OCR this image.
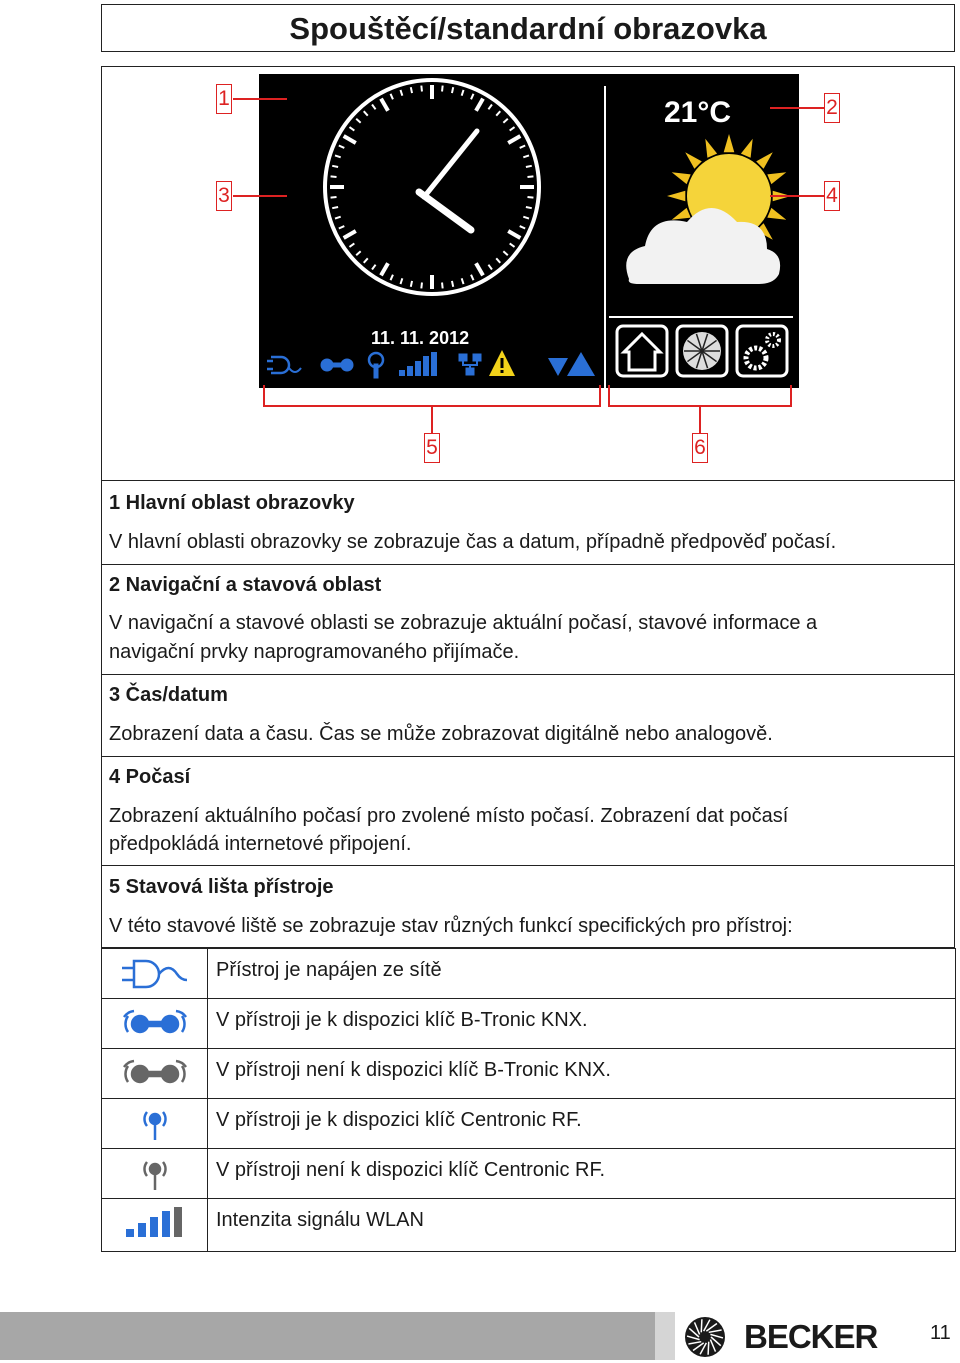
Spouštěcí/standardní obrazovka
11. 11. 2012
21°C
1
3
2
4
5	6
1 Hlavní oblast obrazovky
V hlavní oblasti obrazovky se zobrazuje čas a datum, případně předpověď počasí.
2 Navigační a stavová oblast
V navigační a stavové oblasti se zobrazuje aktuální počasí, stavové informace a
navigační prvky naprogramovaného přijímače.
3 Čas/datum
Zobrazení data a času. Čas se může zobrazovat digitálně nebo analogově.
4 Počasí
Zobrazení aktuálního počasí pro zvolené místo počasí. Zobrazení dat počasí
předpokládá internetové připojení.
5 Stavová lišta přístroje
V této stavové liště se zobrazuje stav různých funkcí specifických pro přístroj:
Přístroj je napájen ze sítě
V přístroji je k dispozici klíč B-Tronic KNX.
V přístroji není k dispozici klíč B-Tronic KNX.
V přístroji je k dispozici klíč Centronic RF.
V přístroji není k dispozici klíč Centronic RF.
Intenzita signálu WLAN
BECKER	11
